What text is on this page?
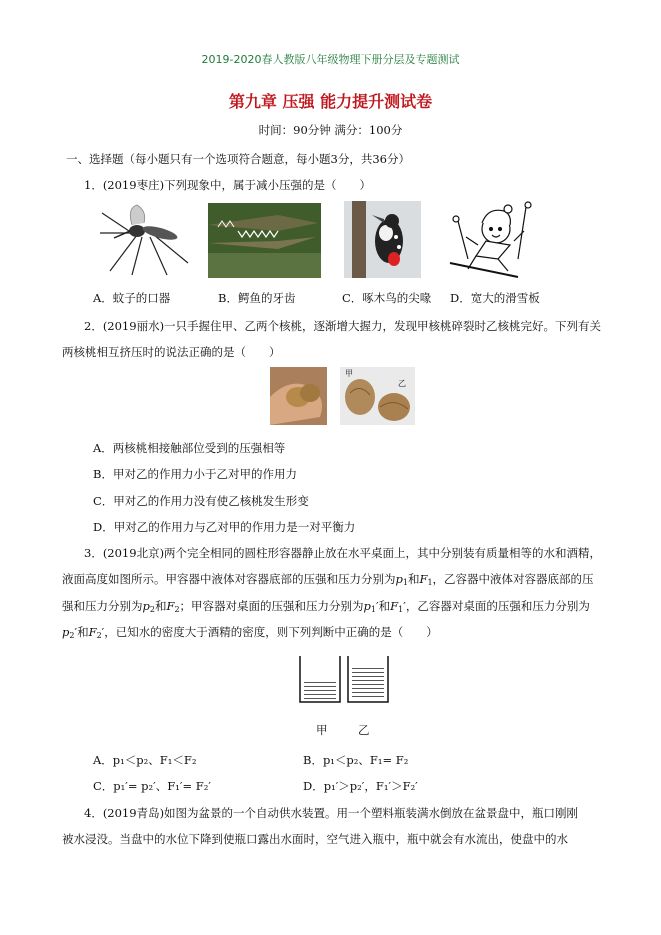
2019-2020春人教版八年级物理下册分层及专题测试
第九章 压强 能力提升测试卷
时间：90分钟 满分：100分
一、选择题（每小题只有一个选项符合题意，每小题3分，共36分）
1．(2019枣庄)下列现象中，属于减小压强的是（　　）
A．蚊子的口器	B．鳄鱼的牙齿	C．啄木鸟的尖喙 D．宽大的滑雪板
2．(2019丽水)一只手握住甲、乙两个核桃，逐渐增大握力，发现甲核桃碎裂时乙核桃完好。下列有关
两核桃相互挤压时的说法正确的是（　　）
甲
乙
A．两核桃相接触部位受到的压强相等
B．甲对乙的作用力小于乙对甲的作用力
C．甲对乙的作用力没有使乙核桃发生形变
D．甲对乙的作用力与乙对甲的作用力是一对平衡力
3．(2019北京)两个完全相同的圆柱形容器静止放在水平桌面上，其中分别装有质量相等的水和酒精，
液面高度如图所示。甲容器中液体对容器底部的压强和压力分别为$p_1$和$F_1$，乙容器中液体对容器底部的压
强和压力分别为$p_2$和$F_2$；甲容器对桌面的压强和压力分别为$p_1'$和$F_1'$，乙容器对桌面的压强和压力分别为
$p_2'$和$F_2'$，已知水的密度大于酒精的密度，则下列判断中正确的是（　　）
甲	乙
A．p₁＜p₂、F₁＜F₂	B．p₁＜p₂、F₁= F₂
C．p₁′= p₂′、F₁′= F₂′	D．p₁′＞p₂′，F₁′＞F₂′
4．(2019青岛)如图为盆景的一个自动供水装置。用一个塑料瓶装满水倒放在盆景盘中，瓶口刚刚
被水浸没。当盘中的水位下降到使瓶口露出水面时，空气进入瓶中，瓶中就会有水流出，使盘中的水
